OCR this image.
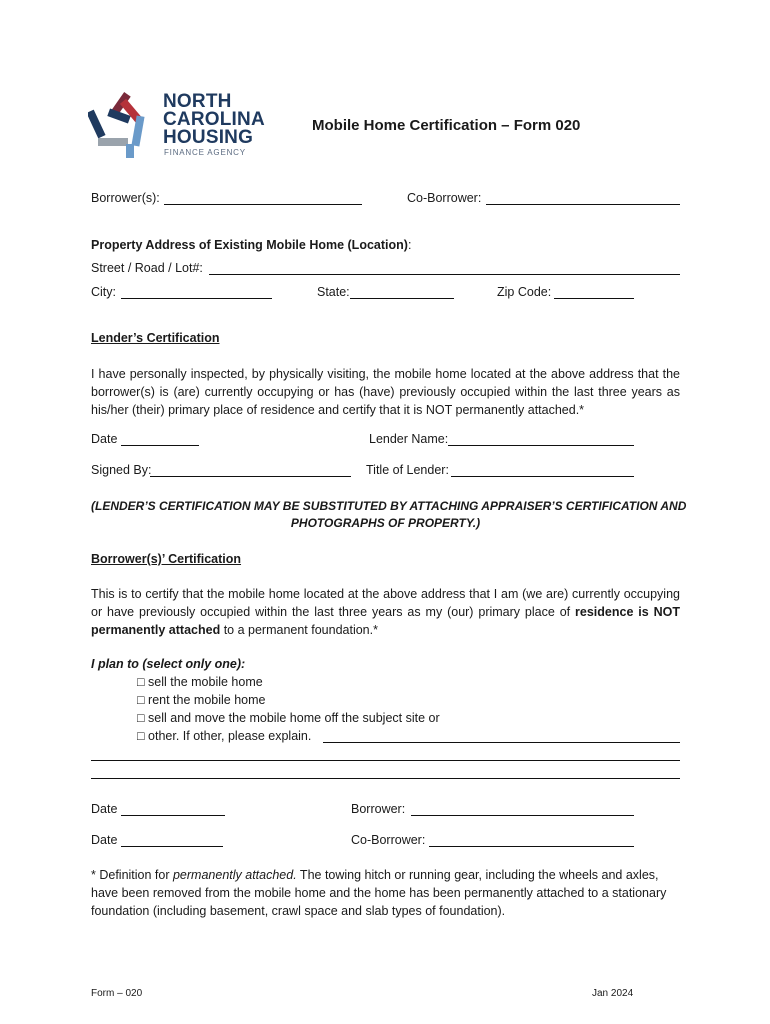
NORTH
CAROLINA
HOUSING
FINANCE AGENCY
Mobile Home Certification – Form 020
Borrower(s):	Co-Borrower:
Property Address of Existing Mobile Home (Location):
Street / Road / Lot#:
City:	State:	Zip Code:
Lender’s Certification
I have personally inspected, by physically visiting, the mobile home located at the above address that the borrower(s) is (are) currently occupying or has (have) previously occupied within the last three years as his/her (their) primary place of residence and certify that it is NOT permanently attached.*
Date	Lender Name:
Signed By:	Title of Lender:
(LENDER’S CERTIFICATION MAY BE SUBSTITUTED BY ATTACHING APPRAISER’S CERTIFICATION AND
PHOTOGRAPHS OF PROPERTY.)
Borrower(s)’ Certification
This is to certify that the mobile home located at the above address that I am (we are) currently occupying or have previously occupied within the last three years as my (our) primary place of residence is NOT permanently attached to a permanent foundation.*
I plan to (select only one):
□ sell the mobile home
□ rent the mobile home
□ sell and move the mobile home off the subject site or
□ other. If other, please explain.
Date	Borrower:
Date	Co-Borrower:
* Definition for permanently attached. The towing hitch or running gear, including the wheels and axles, have been removed from the mobile home and the home has been permanently attached to a stationary foundation (including basement, crawl space and slab types of foundation).
Form – 020	Jan 2024
